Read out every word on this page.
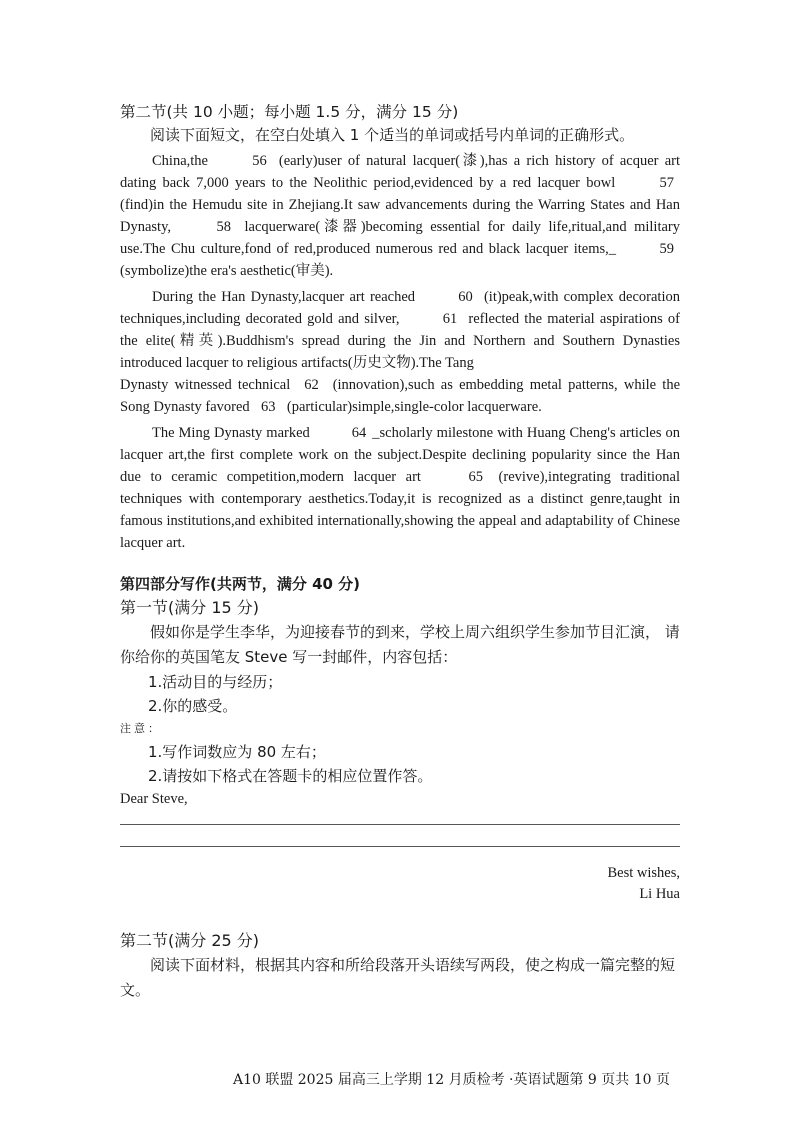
第二节(共 10 小题；每小题 1.5 分，满分 15 分)

阅读下面短文，在空白处填入 1 个适当的单词或括号内单词的正确形式。

China,the	56 (early)user of natural lacquer(漆),has a rich history of acquer art dating back 7,000 years to the Neolithic period,evidenced by a red lacquer bowl	57 (find)in the Hemudu site in Zhejiang.It saw advancements during the Warring States and Han Dynasty,	58 lacquerware(漆器)becoming essential for daily life,ritual,and military use.The Chu culture,fond of red,produced numerous red and black lacquer items,_	59 (symbolize)the era's aesthetic(审美).

During the Han Dynasty,lacquer art reached	60 (it)peak,with complex decoration techniques,including decorated gold and silver,	61 reflected the material aspirations of the elite(精英).Buddhism's spread during the Jin and Northern and Southern Dynasties introduced lacquer to religious artifacts(历史文物).The Tang

Dynasty witnessed technical 62 (innovation),such as embedding metal patterns, while the Song Dynasty favored 63 (particular)simple,single-color lacquerware.

The Ming Dynasty marked	64 _scholarly milestone with Huang Cheng's articles on lacquer art,the first complete work on the subject.Despite declining popularity since the Han due to ceramic competition,modern lacquer art	65 (revive),integrating traditional techniques with contemporary aesthetics.Today,it is recognized as a distinct genre,taught in famous institutions,and exhibited internationally,showing the appeal and adaptability of Chinese lacquer art.

第四部分写作(共两节，满分 40 分)

第一节(满分 15 分)

假如你是学生李华，为迎接春节的到来，学校上周六组织学生参加节目汇演， 请你给你的英国笔友 Steve 写一封邮件，内容包括：

1.活动目的与经历；

2.你的感受。

注意：

1.写作词数应为 80 左右；

2.请按如下格式在答题卡的相应位置作答。

Dear Steve,

Best wishes,

Li Hua

第二节(满分 25 分)

阅读下面材料，根据其内容和所给段落开头语续写两段，使之构成一篇完整的短文。

A10 联盟 2025 届高三上学期 12 月质检考 ·英语试题第 9 页共 10 页
